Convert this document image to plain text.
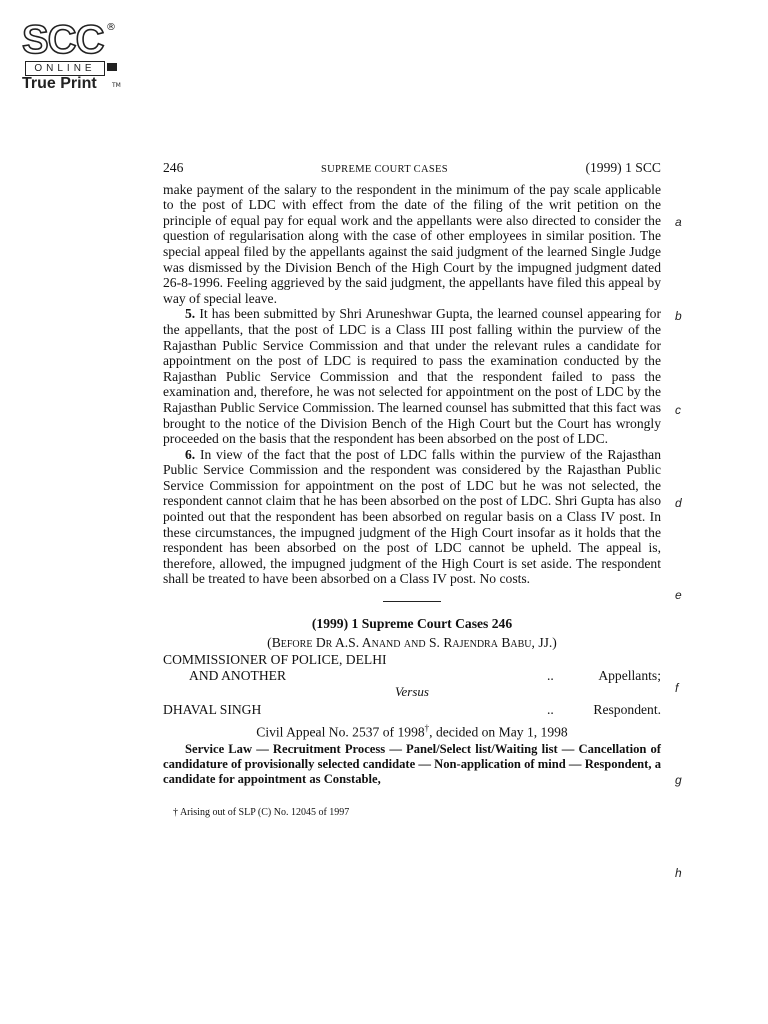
SCC ®
ONLINE
True Print	TM
a
b
c
d
e
f
g
h
246	SUPREME COURT CASES	(1999) 1 SCC

make payment of the salary to the respondent in the minimum of the pay scale applicable to the post of LDC with effect from the date of the filing of the writ petition on the principle of equal pay for equal work and the appellants were also directed to consider the question of regularisation along with the case of other employees in similar position. The special appeal filed by the appellants against the said judgment of the learned Single Judge was dismissed by the Division Bench of the High Court by the impugned judgment dated 26-8-1996. Feeling aggrieved by the said judgment, the appellants have filed this appeal by way of special leave.

5. It has been submitted by Shri Aruneshwar Gupta, the learned counsel appearing for the appellants, that the post of LDC is a Class III post falling within the purview of the Rajasthan Public Service Commission and that under the relevant rules a candidate for appointment on the post of LDC is required to pass the examination conducted by the Rajasthan Public Service Commission and that the respondent failed to pass the examination and, therefore, he was not selected for appointment on the post of LDC by the Rajasthan Public Service Commission. The learned counsel has submitted that this fact was brought to the notice of the Division Bench of the High Court but the Court has wrongly proceeded on the basis that the respondent has been absorbed on the post of LDC.

6. In view of the fact that the post of LDC falls within the purview of the Rajasthan Public Service Commission and the respondent was considered by the Rajasthan Public Service Commission for appointment on the post of LDC but he was not selected, the respondent cannot claim that he has been absorbed on the post of LDC. Shri Gupta has also pointed out that the respondent has been absorbed on regular basis on a Class IV post. In these circumstances, the impugned judgment of the High Court insofar as it holds that the respondent has been absorbed on the post of LDC cannot be upheld. The appeal is, therefore, allowed, the impugned judgment of the High Court is set aside. The respondent shall be treated to have been absorbed on a Class IV post. No costs.

(1999) 1 Supreme Court Cases 246
(Before Dr A.S. Anand and S. Rajendra Babu, JJ.)
COMMISSIONER OF POLICE, DELHI
AND ANOTHER	..	Appellants;
Versus
DHAVAL SINGH	..	Respondent.
Civil Appeal No. 2537 of 1998†, decided on May 1, 1998

Service Law — Recruitment Process — Panel/Select list/Waiting list — Cancellation of candidature of provisionally selected candidate — Non-application of mind — Respondent, a candidate for appointment as Constable,

† Arising out of SLP (C) No. 12045 of 1997
